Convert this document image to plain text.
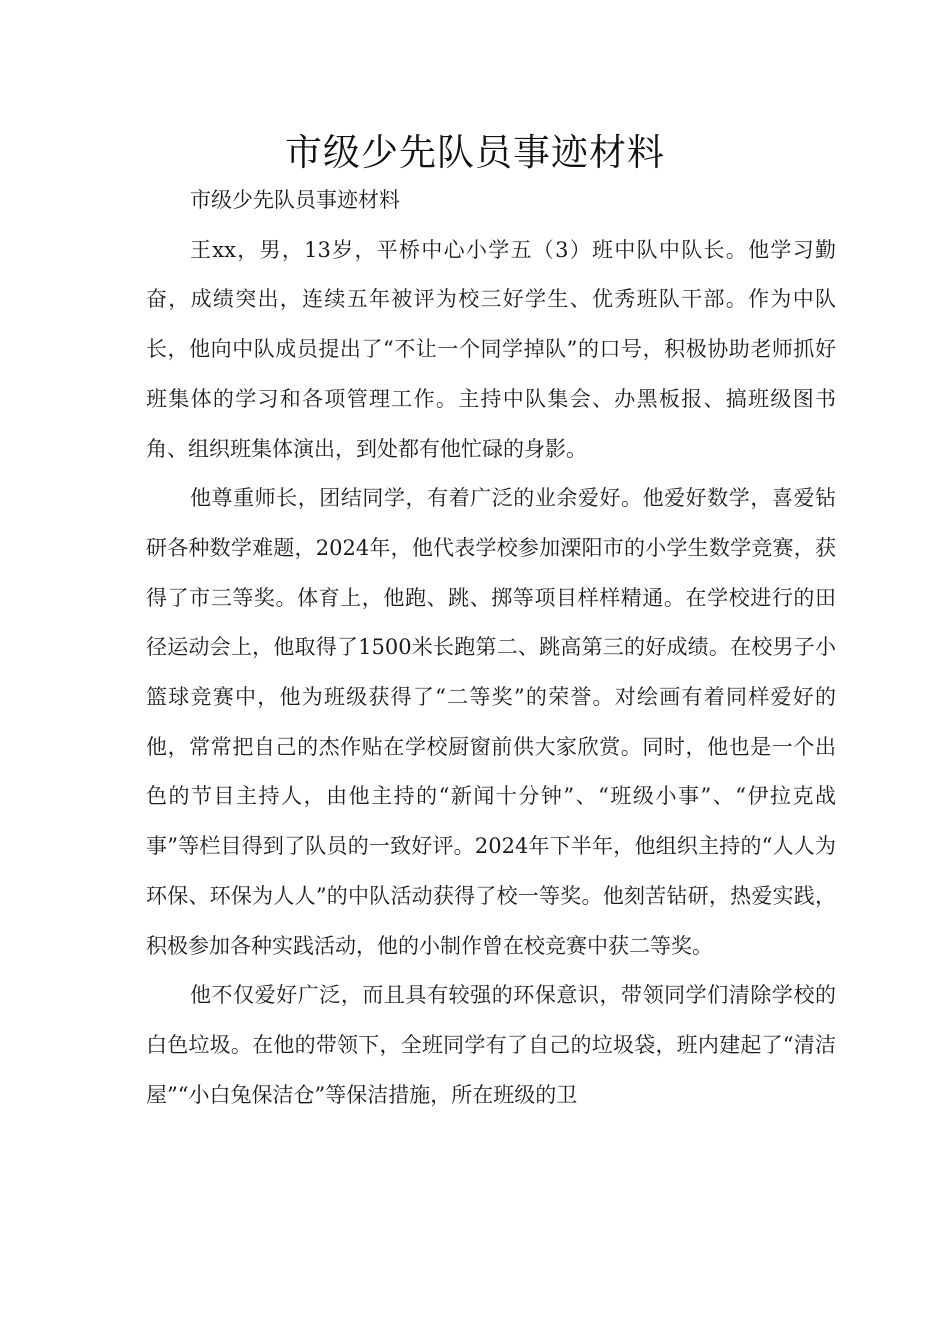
市级少先队员事迹材料

市级少先队员事迹材料

王xx，男，13岁，平桥中心小学五（3）班中队中队长。他学习勤奋，成绩突出，连续五年被评为校三好学生、优秀班队干部。作为中队长，他向中队成员提出了“不让一个同学掉队”的口号，积极协助老师抓好班集体的学习和各项管理工作。主持中队集会、办黑板报、搞班级图书角、组织班集体演出，到处都有他忙碌的身影。

他尊重师长，团结同学，有着广泛的业余爱好。他爱好数学，喜爱钻研各种数学难题，2024年，他代表学校参加溧阳市的小学生数学竞赛，获得了市三等奖。体育上，他跑、跳、掷等项目样样精通。在学校进行的田径运动会上，他取得了1500米长跑第二、跳高第三的好成绩。在校男子小篮球竞赛中，他为班级获得了“二等奖”的荣誉。对绘画有着同样爱好的他，常常把自己的杰作贴在学校厨窗前供大家欣赏。同时，他也是一个出色的节目主持人，由他主持的“新闻十分钟”、“班级小事”、“伊拉克战事”等栏目得到了队员的一致好评。2024年下半年，他组织主持的“人人为环保、环保为人人”的中队活动获得了校一等奖。他刻苦钻研，热爱实践，积极参加各种实践活动，他的小制作曾在校竞赛中获二等奖。

他不仅爱好广泛，而且具有较强的环保意识，带领同学们清除学校的白色垃圾。在他的带领下，全班同学有了自己的垃圾袋，班内建起了“清洁屋”“小白兔保洁仓”等保洁措施，所在班级的卫
